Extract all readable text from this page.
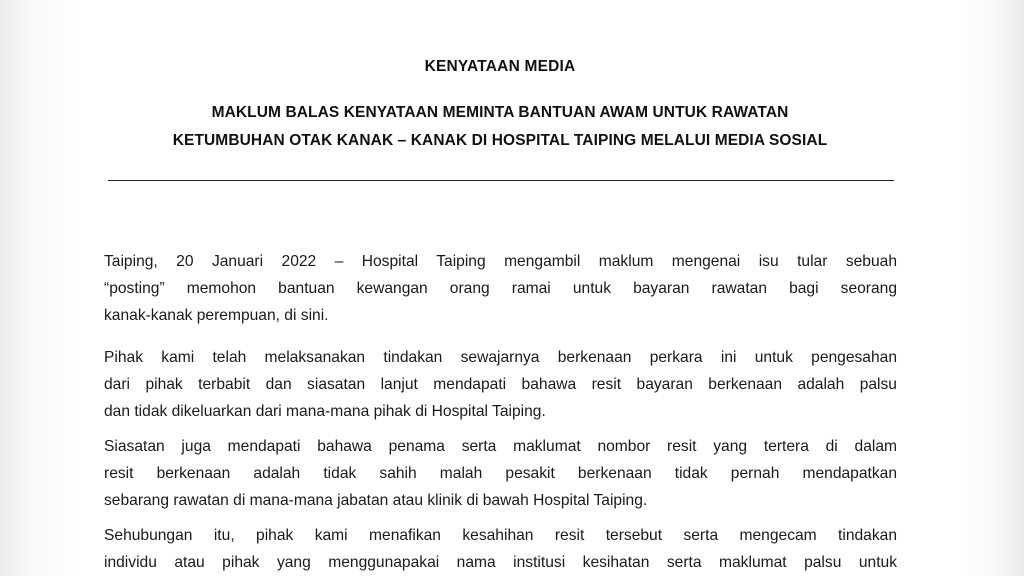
KENYATAAN MEDIA
MAKLUM BALAS KENYATAAN MEMINTA BANTUAN AWAM UNTUK RAWATAN
KETUMBUHAN OTAK KANAK – KANAK DI HOSPITAL TAIPING MELALUI MEDIA SOSIAL
Taiping, 20 Januari 2022 – Hospital Taiping mengambil maklum mengenai isu tular sebuah
“posting” memohon bantuan kewangan orang ramai untuk bayaran rawatan bagi seorang
kanak-kanak perempuan, di sini.
Pihak kami telah melaksanakan tindakan sewajarnya berkenaan perkara ini untuk pengesahan
dari pihak terbabit dan siasatan lanjut mendapati bahawa resit bayaran berkenaan adalah palsu
dan tidak dikeluarkan dari mana-mana pihak di Hospital Taiping.
Siasatan juga mendapati bahawa penama serta maklumat nombor resit yang tertera di dalam
resit berkenaan adalah tidak sahih malah pesakit berkenaan tidak pernah mendapatkan
sebarang rawatan di mana-mana jabatan atau klinik di bawah Hospital Taiping.
Sehubungan itu, pihak kami menafikan kesahihan resit tersebut serta mengecam tindakan
individu atau pihak yang menggunapakai nama institusi kesihatan serta maklumat palsu untuk
